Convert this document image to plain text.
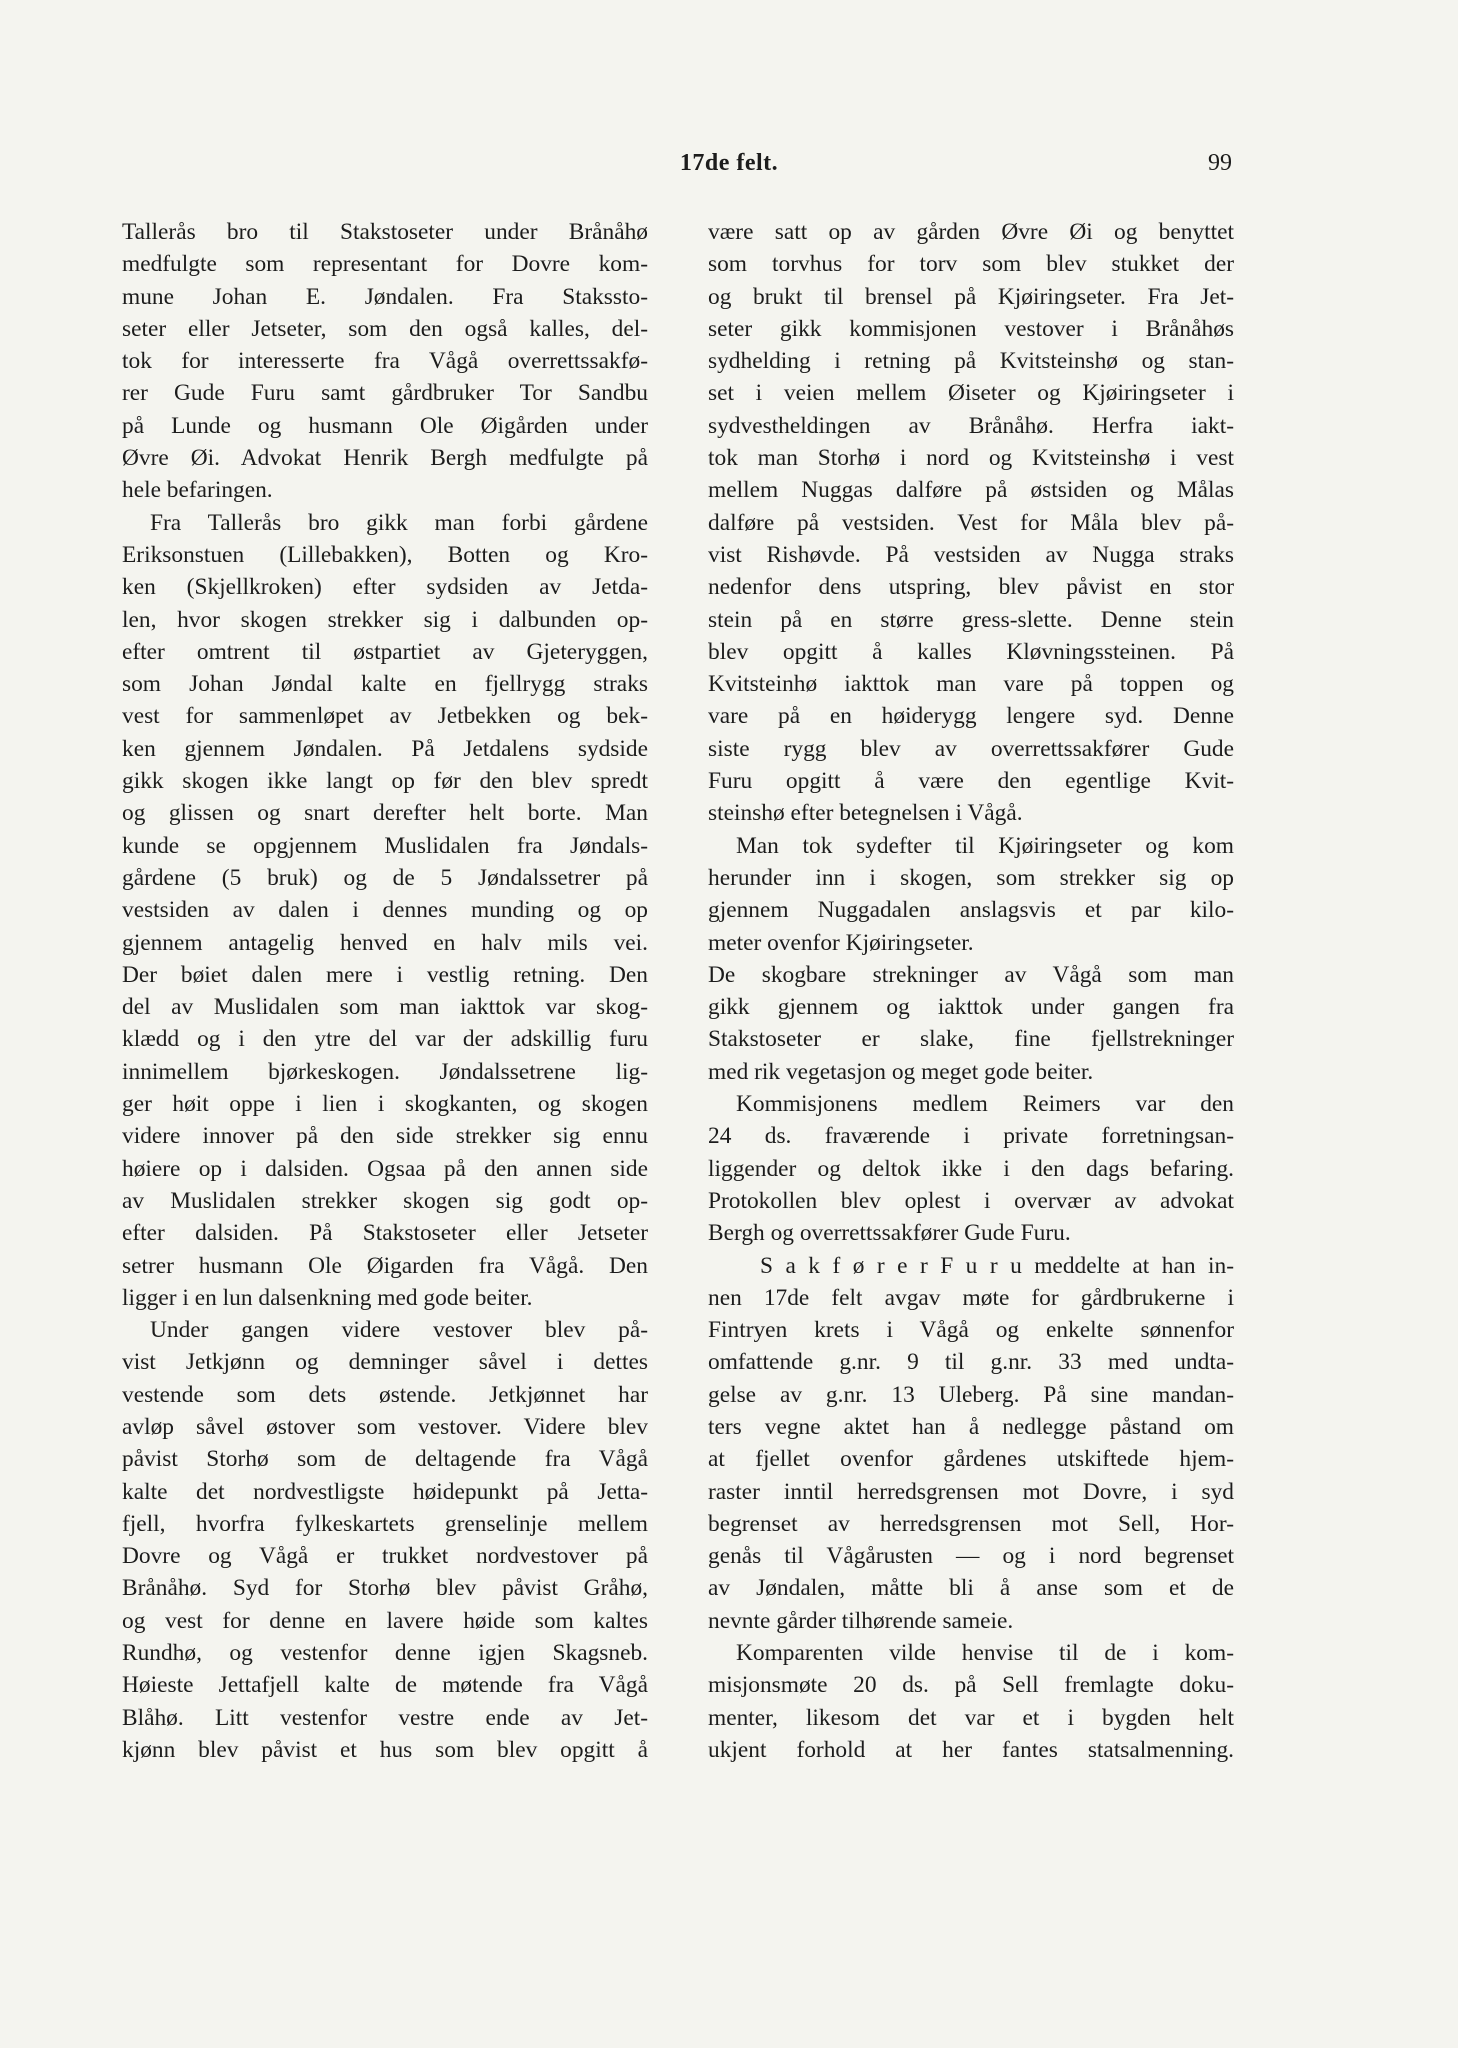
17de felt.	99
Tallerås bro til Stakstoseter under Brånåhø
medfulgte som representant for Dovre kom-
mune Johan E. Jøndalen. Fra Stakssto-
seter eller Jetseter, som den også kalles, del-
tok for interesserte fra Vågå overrettssakfø-
rer Gude Furu samt gårdbruker Tor Sandbu
på Lunde og husmann Ole Øigården under
Øvre Øi. Advokat Henrik Bergh medfulgte på
hele befaringen.
Fra Tallerås bro gikk man forbi gårdene
Eriksonstuen (Lillebakken), Botten og Kro-
ken (Skjellkroken) efter sydsiden av Jetda-
len, hvor skogen strekker sig i dalbunden op-
efter omtrent til østpartiet av Gjeteryggen,
som Johan Jøndal kalte en fjellrygg straks
vest for sammenløpet av Jetbekken og bek-
ken gjennem Jøndalen. På Jetdalens sydside
gikk skogen ikke langt op før den blev spredt
og glissen og snart derefter helt borte. Man
kunde se opgjennem Muslidalen fra Jøndals-
gårdene (5 bruk) og de 5 Jøndalssetrer på
vestsiden av dalen i dennes munding og op
gjennem antagelig henved en halv mils vei.
Der bøiet dalen mere i vestlig retning. Den
del av Muslidalen som man iakttok var skog-
klædd og i den ytre del var der adskillig furu
innimellem bjørkeskogen. Jøndalssetrene lig-
ger høit oppe i lien i skogkanten, og skogen
videre innover på den side strekker sig ennu
høiere op i dalsiden. Ogsaa på den annen side
av Muslidalen strekker skogen sig godt op-
efter dalsiden. På Stakstoseter eller Jetseter
setrer husmann Ole Øigarden fra Vågå. Den
ligger i en lun dalsenkning med gode beiter.
Under gangen videre vestover blev på-
vist Jetkjønn og demninger såvel i dettes
vestende som dets østende. Jetkjønnet har
avløp såvel østover som vestover. Videre blev
påvist Storhø som de deltagende fra Vågå
kalte det nordvestligste høidepunkt på Jetta-
fjell, hvorfra fylkeskartets grenselinje mellem
Dovre og Vågå er trukket nordvestover på
Brånåhø. Syd for Storhø blev påvist Gråhø,
og vest for denne en lavere høide som kaltes
Rundhø, og vestenfor denne igjen Skagsneb.
Høieste Jettafjell kalte de møtende fra Vågå
Blåhø. Litt vestenfor vestre ende av Jet-
kjønn blev påvist et hus som blev opgitt å
være satt op av gården Øvre Øi og benyttet
som torvhus for torv som blev stukket der
og brukt til brensel på Kjøiringseter. Fra Jet-
seter gikk kommisjonen vestover i Brånåhøs
sydhelding i retning på Kvitsteinshø og stan-
set i veien mellem Øiseter og Kjøiringseter i
sydvestheldingen av Brånåhø. Herfra iakt-
tok man Storhø i nord og Kvitsteinshø i vest
mellem Nuggas dalføre på østsiden og Målas
dalføre på vestsiden. Vest for Måla blev på-
vist Rishøvde. På vestsiden av Nugga straks
nedenfor dens utspring, blev påvist en stor
stein på en større gress-slette. Denne stein
blev opgitt å kalles Kløvningssteinen. På
Kvitsteinhø iakttok man vare på toppen og
vare på en høiderygg lengere syd. Denne
siste rygg blev av overrettssakfører Gude
Furu opgitt å være den egentlige Kvit-
steinshø efter betegnelsen i Vågå.
Man tok sydefter til Kjøiringseter og kom
herunder inn i skogen, som strekker sig op
gjennem Nuggadalen anslagsvis et par kilo-
meter ovenfor Kjøiringseter.
De skogbare strekninger av Vågå som man
gikk gjennem og iakttok under gangen fra
Stakstoseter er slake, fine fjellstrekninger
med rik vegetasjon og meget gode beiter.
Kommisjonens medlem Reimers var den
24 ds. fraværende i private forretningsan-
liggender og deltok ikke i den dags befaring.
Protokollen blev oplest i overvær av advokat
Bergh og overrettssakfører Gude Furu.
S a k f ø r e r F u r u meddelte at han in-
nen 17de felt avgav møte for gårdbrukerne i
Fintryen krets i Vågå og enkelte sønnenfor
omfattende g.nr. 9 til g.nr. 33 med undta-
gelse av g.nr. 13 Uleberg. På sine mandan-
ters vegne aktet han å nedlegge påstand om
at fjellet ovenfor gårdenes utskiftede hjem-
raster inntil herredsgrensen mot Dovre, i syd
begrenset av herredsgrensen mot Sell, Hor-
genås til Vågårusten — og i nord begrenset
av Jøndalen, måtte bli å anse som et de
nevnte gårder tilhørende sameie.
Komparenten vilde henvise til de i kom-
misjonsmøte 20 ds. på Sell fremlagte doku-
menter, likesom det var et i bygden helt
ukjent forhold at her fantes statsalmenning.
